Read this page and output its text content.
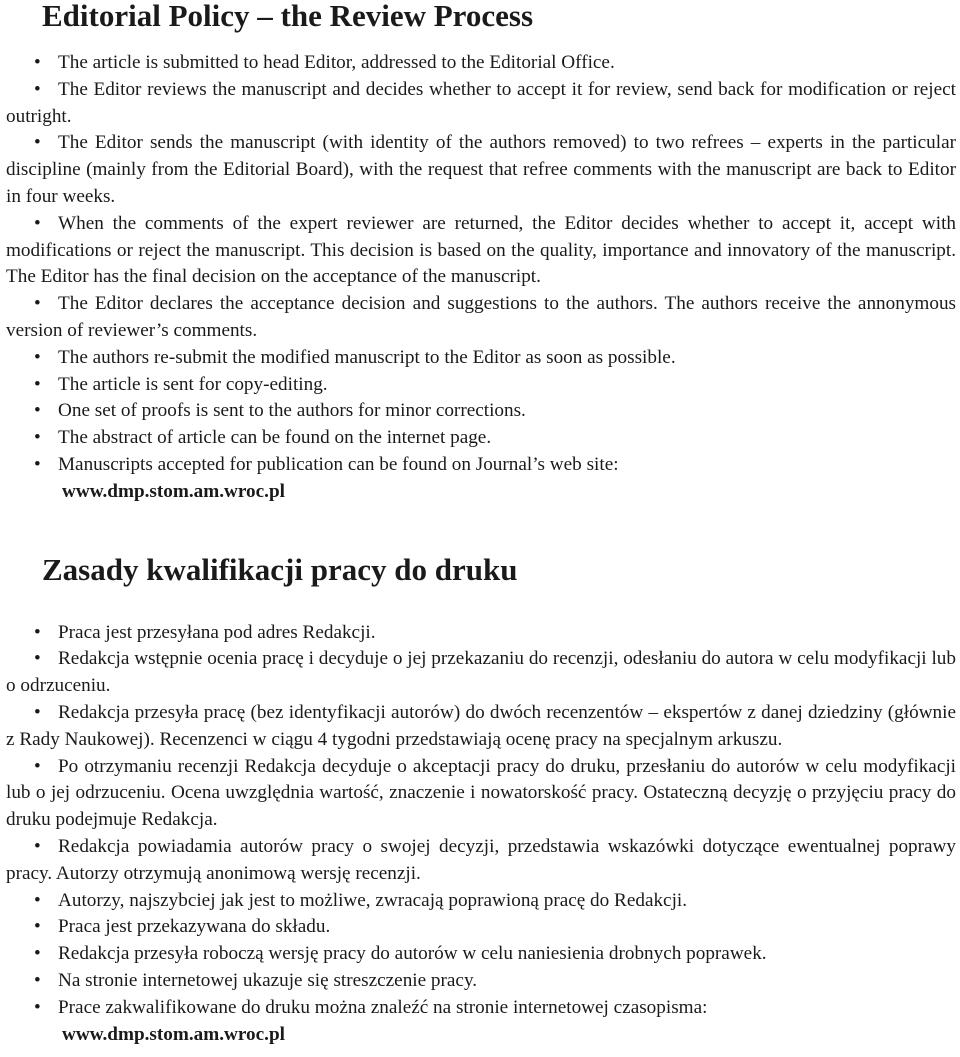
Editorial Policy – the Review Process
• The article is submitted to head Editor, addressed to the Editorial Office.
• The Editor reviews the manuscript and decides whether to accept it for review, send back for modification or reject outright.
• The Editor sends the manuscript (with identity of the authors removed) to two refrees – experts in the particular discipline (mainly from the Editorial Board), with the request that refree comments with the manuscript are back to Editor in four weeks.
• When the comments of the expert reviewer are returned, the Editor decides whether to accept it, accept with modifications or reject the manuscript. This decision is based on the quality, importance and innovatory of the manuscript. The Editor has the final decision on the acceptance of the manuscript.
• The Editor declares the acceptance decision and suggestions to the authors. The authors receive the annonymous version of reviewer’s comments.
• The authors re-submit the modified manuscript to the Editor as soon as possible.
• The article is sent for copy-editing.
• One set of proofs is sent to the authors for minor corrections.
• The abstract of article can be found on the internet page.
• Manuscripts accepted for publication can be found on Journal’s web site:
www.dmp.stom.am.wroc.pl
Zasady kwalifikacji pracy do druku
• Praca jest przesyłana pod adres Redakcji.
• Redakcja wstępnie ocenia pracę i decyduje o jej przekazaniu do recenzji, odesłaniu do autora w celu modyfikacji lub o odrzuceniu.
• Redakcja przesyła pracę (bez identyfikacji autorów) do dwóch recenzentów – ekspertów z danej dziedziny (głównie z Rady Naukowej). Recenzenci w ciągu 4 tygodni przedstawiają ocenę pracy na specjalnym arkuszu.
• Po otrzymaniu recenzji Redakcja decyduje o akceptacji pracy do druku, przesłaniu do autorów w celu modyfikacji lub o jej odrzuceniu. Ocena uwzględnia wartość, znaczenie i nowatorskość pracy. Ostateczną decyzję o przyjęciu pracy do druku podejmuje Redakcja.
• Redakcja powiadamia autorów pracy o swojej decyzji, przedstawia wskazówki dotyczące ewentualnej poprawy pracy. Autorzy otrzymują anonimową wersję recenzji.
• Autorzy, najszybciej jak jest to możliwe, zwracają poprawioną pracę do Redakcji.
• Praca jest przekazywana do składu.
• Redakcja przesyła roboczą wersję pracy do autorów w celu naniesienia drobnych poprawek.
• Na stronie internetowej ukazuje się streszczenie pracy.
• Prace zakwalifikowane do druku można znaleźć na stronie internetowej czasopisma:
www.dmp.stom.am.wroc.pl
